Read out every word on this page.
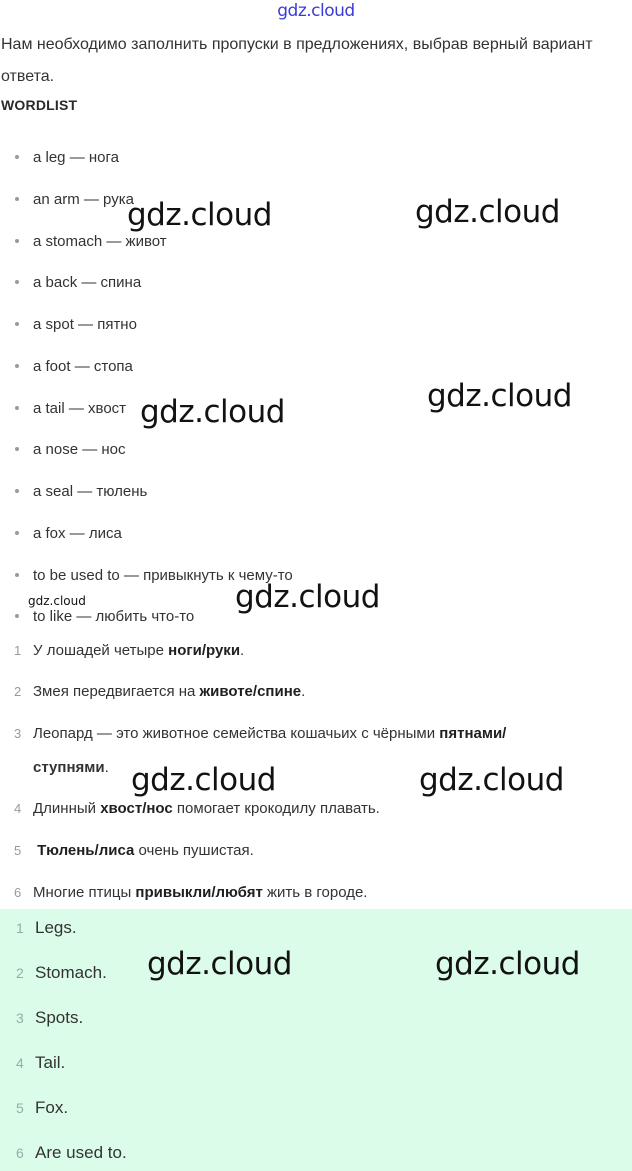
gdz.cloud
Нам необходимо заполнить пропуски в предложениях, выбрав верный вариант ответа.
WORDLIST
a leg — нога
an arm — рука
a stomach — живот
a back — спина
a spot — пятно
a foot — стопа
a tail — хвост
a nose — нос
a seal — тюлень
a fox — лиса
to be used to — привыкнуть к чему-то
to like — любить что-то
1 У лошадей четыре ноги/руки.
2 Змея передвигается на животе/спине.
3 Леопард — это животное семейства кошачьих с чёрными пятнами/
ступнями.
4 Длинный хвост/нос помогает крокодилу плавать.
5 Тюлень/лиса очень пушистая.
6 Многие птицы привыкли/любят жить в городе.
1 Legs.
2 Stomach.
3 Spots.
4 Tail.
5 Fox.
6 Are used to.
gdz.cloud	gdz.cloud
gdz.cloud	gdz.cloud
gdz.cloud	gdz.cloud
gdz.cloud	gdz.cloud
gdz.cloud	gdz.cloud
